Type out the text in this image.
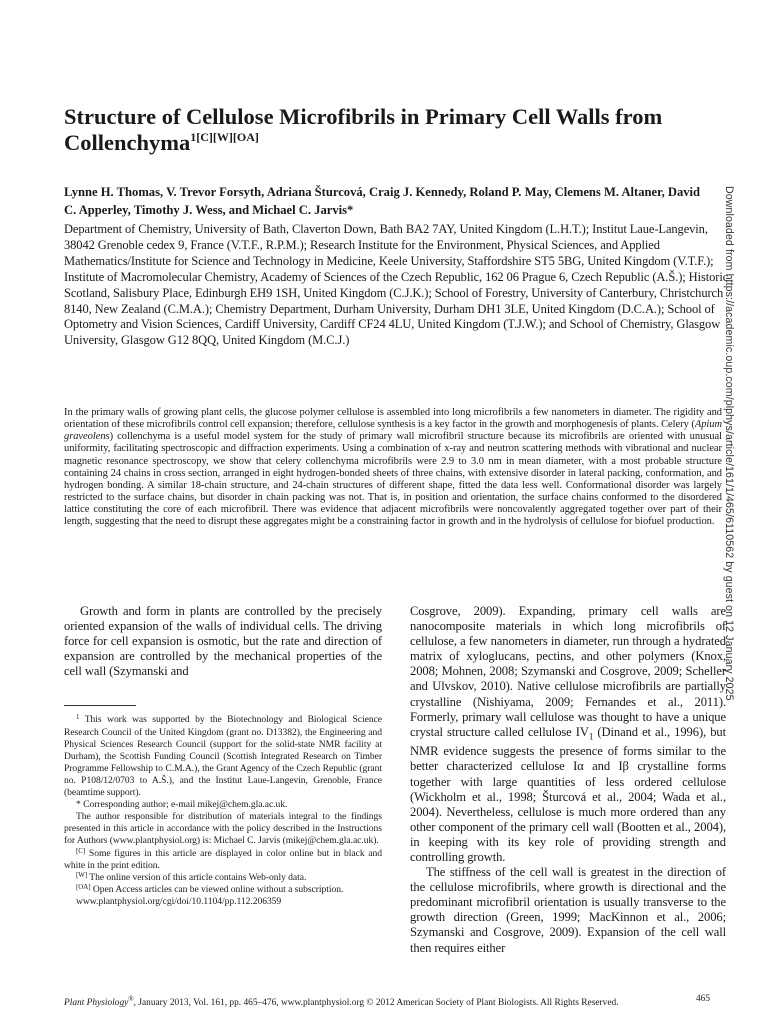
Structure of Cellulose Microfibrils in Primary Cell Walls from Collenchyma$^{1[C][W][OA]}$

Lynne H. Thomas, V. Trevor Forsyth, Adriana Šturcová, Craig J. Kennedy, Roland P. May, Clemens M. Altaner, David C. Apperley, Timothy J. Wess, and Michael C. Jarvis*

Department of Chemistry, University of Bath, Claverton Down, Bath BA2 7AY, United Kingdom (L.H.T.); Institut Laue-Langevin, 38042 Grenoble cedex 9, France (V.T.F., R.P.M.); Research Institute for the Environment, Physical Sciences, and Applied Mathematics/Institute for Science and Technology in Medicine, Keele University, Staffordshire ST5 5BG, United Kingdom (V.T.F.); Institute of Macromolecular Chemistry, Academy of Sciences of the Czech Republic, 162 06 Prague 6, Czech Republic (A.Š.); Historic Scotland, Salisbury Place, Edinburgh EH9 1SH, United Kingdom (C.J.K.); School of Forestry, University of Canterbury, Christchurch 8140, New Zealand (C.M.A.); Chemistry Department, Durham University, Durham DH1 3LE, United Kingdom (D.C.A.); School of Optometry and Vision Sciences, Cardiff University, Cardiff CF24 4LU, United Kingdom (T.J.W.); and School of Chemistry, Glasgow University, Glasgow G12 8QQ, United Kingdom (M.C.J.)

In the primary walls of growing plant cells, the glucose polymer cellulose is assembled into long microfibrils a few nanometers in diameter. The rigidity and orientation of these microfibrils control cell expansion; therefore, cellulose synthesis is a key factor in the growth and morphogenesis of plants. Celery (Apium graveolens) collenchyma is a useful model system for the study of primary wall microfibril structure because its microfibrils are oriented with unusual uniformity, facilitating spectroscopic and diffraction experiments. Using a combination of x-ray and neutron scattering methods with vibrational and nuclear magnetic resonance spectroscopy, we show that celery collenchyma microfibrils were 2.9 to 3.0 nm in mean diameter, with a most probable structure containing 24 chains in cross section, arranged in eight hydrogen-bonded sheets of three chains, with extensive disorder in lateral packing, conformation, and hydrogen bonding. A similar 18-chain structure, and 24-chain structures of different shape, fitted the data less well. Conformational disorder was largely restricted to the surface chains, but disorder in chain packing was not. That is, in position and orientation, the surface chains conformed to the disordered lattice constituting the core of each microfibril. There was evidence that adjacent microfibrils were noncovalently aggregated together over part of their length, suggesting that the need to disrupt these aggregates might be a constraining factor in growth and in the hydrolysis of cellulose for biofuel production.

Growth and form in plants are controlled by the precisely oriented expansion of the walls of individual cells. The driving force for cell expansion is osmotic, but the rate and direction of expansion are controlled by the mechanical properties of the cell wall (Szymanski and

$^1$ This work was supported by the Biotechnology and Biological Science Research Council of the United Kingdom (grant no. D13382), the Engineering and Physical Sciences Research Council (support for the solid-state NMR facility at Durham), the Scottish Funding Council (Scottish Integrated Research on Timber Programme Fellowship to C.M.A.), the Grant Agency of the Czech Republic (grant no. P108/12/0703 to A.Š.), and the Institut Laue-Langevin, Grenoble, France (beamtime support).

* Corresponding author; e-mail mikej@chem.gla.ac.uk.

The author responsible for distribution of materials integral to the findings presented in this article in accordance with the policy described in the Instructions for Authors (www.plantphysiol.org) is: Michael C. Jarvis (mikej@chem.gla.ac.uk).

[C] Some figures in this article are displayed in color online but in black and white in the print edition.

[W] The online version of this article contains Web-only data.

[OA] Open Access articles can be viewed online without a subscription.

www.plantphysiol.org/cgi/doi/10.1104/pp.112.206359

Cosgrove, 2009). Expanding, primary cell walls are nanocomposite materials in which long microfibrils of cellulose, a few nanometers in diameter, run through a hydrated matrix of xyloglucans, pectins, and other polymers (Knox, 2008; Mohnen, 2008; Szymanski and Cosgrove, 2009; Scheller and Ulvskov, 2010). Native cellulose microfibrils are partially crystalline (Nishiyama, 2009; Fernandes et al., 2011). Formerly, primary wall cellulose was thought to have a unique crystal structure called cellulose $IV_1$ (Dinand et al., 1996), but NMR evidence suggests the presence of forms similar to the better characterized cellulose Iα and Iβ crystalline forms together with large quantities of less ordered cellulose (Wickholm et al., 1998; Šturcová et al., 2004; Wada et al., 2004). Nevertheless, cellulose is much more ordered than any other component of the primary cell wall (Bootten et al., 2004), in keeping with its key role of providing strength and controlling growth.

The stiffness of the cell wall is greatest in the direction of the cellulose microfibrils, where growth is directional and the predominant microfibril orientation is usually transverse to the growth direction (Green, 1999; MacKinnon et al., 2006; Szymanski and Cosgrove, 2009). Expansion of the cell wall then requires either

Plant Physiology®, January 2013, Vol. 161, pp. 465–476, www.plantphysiol.org © 2012 American Society of Plant Biologists. All Rights Reserved.	465

Downloaded from https://academic.oup.com/plphys/article/161/1/465/6110562 by guest on 12 January 2025
